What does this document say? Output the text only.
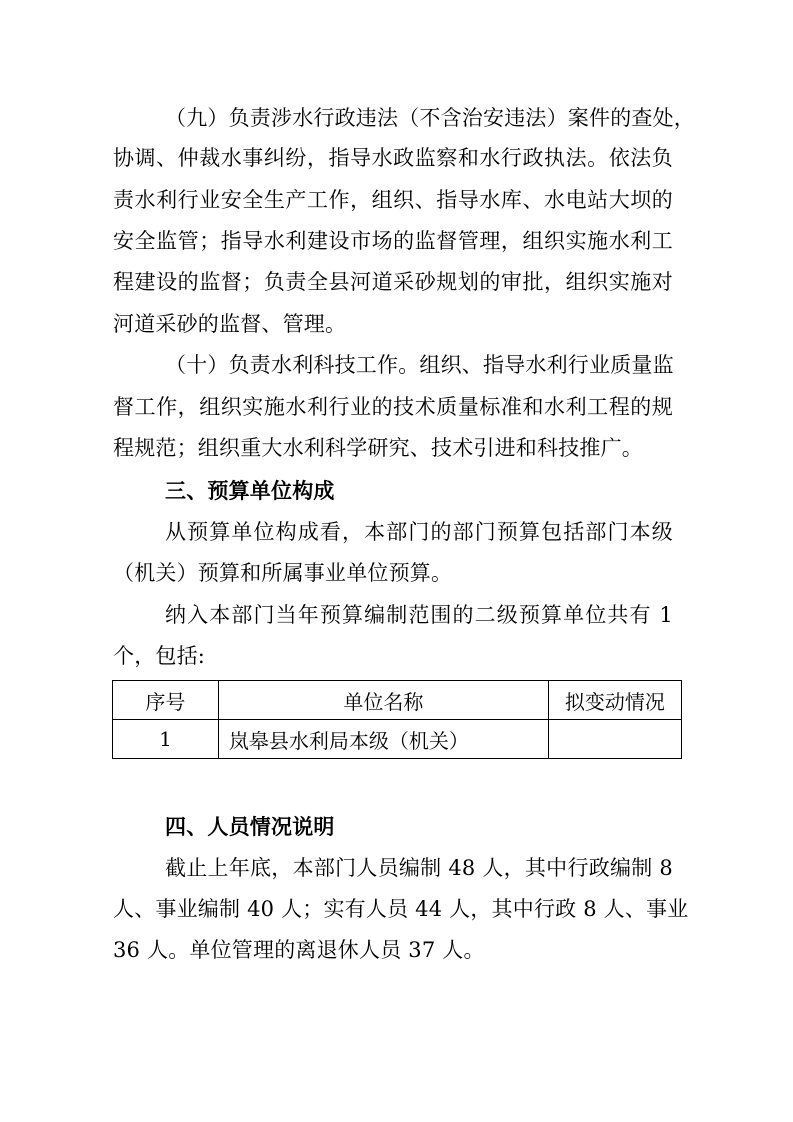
（九）负责涉水行政违法（不含治安违法）案件的查处，
协调、仲裁水事纠纷，指导水政监察和水行政执法。依法负
责水利行业安全生产工作，组织、指导水库、水电站大坝的
安全监管；指导水利建设市场的监督管理，组织实施水利工
程建设的监督；负责全县河道采砂规划的审批，组织实施对
河道采砂的监督、管理。
（十）负责水利科技工作。组织、指导水利行业质量监
督工作，组织实施水利行业的技术质量标准和水利工程的规
程规范；组织重大水利科学研究、技术引进和科技推广。
三、预算单位构成
从预算单位构成看，本部门的部门预算包括部门本级
（机关）预算和所属事业单位预算。
纳入本部门当年预算编制范围的二级预算单位共有 1
个，包括:
序号	单位名称	拟变动情况
1	岚皋县水利局本级（机关）	
四、人员情况说明
截止上年底，本部门人员编制 48 人，其中行政编制 8
人、事业编制 40 人；实有人员 44 人，其中行政 8 人、事业
36 人。单位管理的离退休人员 37 人。
